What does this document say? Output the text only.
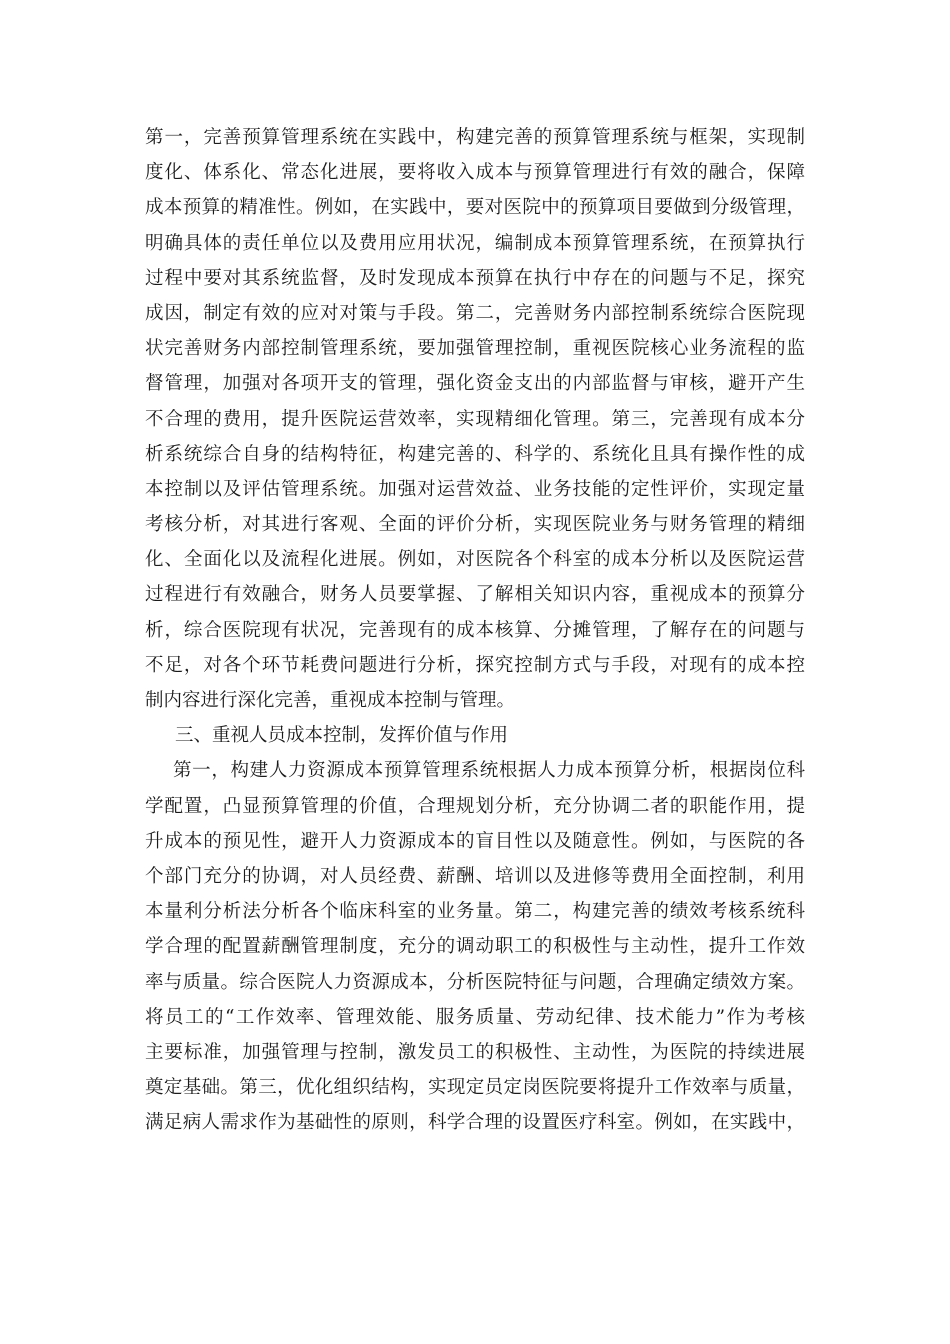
第一，完善预算管理系统在实践中，构建完善的预算管理系统与框架，实现制
度化、体系化、常态化进展，要将收入成本与预算管理进行有效的融合，保障
成本预算的精准性。例如，在实践中，要对医院中的预算项目要做到分级管理，
明确具体的责任单位以及费用应用状况，编制成本预算管理系统，在预算执行
过程中要对其系统监督，及时发现成本预算在执行中存在的问题与不足，探究
成因，制定有效的应对对策与手段。第二，完善财务内部控制系统综合医院现
状完善财务内部控制管理系统，要加强管理控制，重视医院核心业务流程的监
督管理，加强对各项开支的管理，强化资金支出的内部监督与审核，避开产生
不合理的费用，提升医院运营效率，实现精细化管理。第三，完善现有成本分
析系统综合自身的结构特征，构建完善的、科学的、系统化且具有操作性的成
本控制以及评估管理系统。加强对运营效益、业务技能的定性评价，实现定量
考核分析，对其进行客观、全面的评价分析，实现医院业务与财务管理的精细
化、全面化以及流程化进展。例如，对医院各个科室的成本分析以及医院运营
过程进行有效融合，财务人员要掌握、了解相关知识内容，重视成本的预算分
析，综合医院现有状况，完善现有的成本核算、分摊管理，了解存在的问题与
不足，对各个环节耗费问题进行分析，探究控制方式与手段，对现有的成本控
制内容进行深化完善，重视成本控制与管理。
三、重视人员成本控制，发挥价值与作用
第一，构建人力资源成本预算管理系统根据人力成本预算分析，根据岗位科
学配置，凸显预算管理的价值，合理规划分析，充分协调二者的职能作用，提
升成本的预见性，避开人力资源成本的盲目性以及随意性。例如，与医院的各
个部门充分的协调，对人员经费、薪酬、培训以及进修等费用全面控制，利用
本量利分析法分析各个临床科室的业务量。第二，构建完善的绩效考核系统科
学合理的配置薪酬管理制度，充分的调动职工的积极性与主动性，提升工作效
率与质量。综合医院人力资源成本，分析医院特征与问题，合理确定绩效方案。
将员工的“工作效率、管理效能、服务质量、劳动纪律、技术能力”作为考核
主要标准，加强管理与控制，激发员工的积极性、主动性，为医院的持续进展
奠定基础。第三，优化组织结构，实现定员定岗医院要将提升工作效率与质量，
满足病人需求作为基础性的原则，科学合理的设置医疗科室。例如，在实践中，
